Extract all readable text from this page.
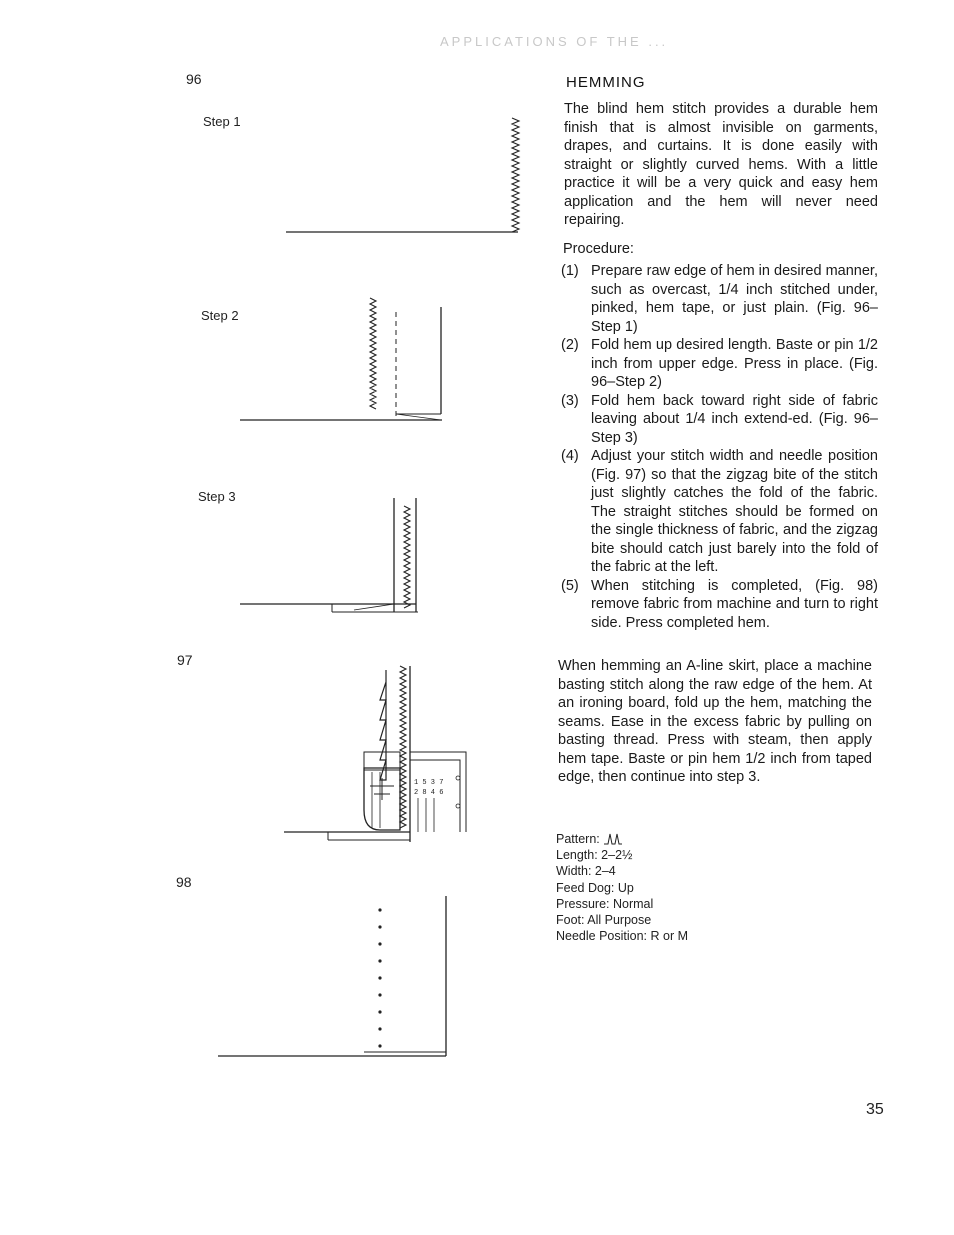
APPLICATIONS OF THE ...
96
Step 1
Step 2
Step 3
97
1 5 3 7
2 8 4 6
98
HEMMING

The blind hem stitch provides a durable hem finish that is almost invisible on garments, drapes, and curtains. It is done easily with straight or slightly curved hems. With a little practice it will be a very quick and easy hem application and the hem will never need repairing.

Procedure:
(1) Prepare raw edge of hem in desired manner, such as overcast, 1/4 inch stitched under, pinked, hem tape, or just plain. (Fig. 96–Step 1)
(2) Fold hem up desired length. Baste or pin 1/2 inch from upper edge. Press in place. (Fig. 96–Step 2)
(3) Fold hem back toward right side of fabric leaving about 1/4 inch extend-ed. (Fig. 96–Step 3)
(4) Adjust your stitch width and needle position (Fig. 97) so that the zigzag bite of the stitch just slightly catches the fold of the fabric. The straight stitches should be formed on the single thickness of fabric, and the zigzag bite should catch just barely into the fold of the fabric at the left.
(5) When stitching is completed, (Fig. 98) remove fabric from machine and turn to right side. Press completed hem.

When hemming an A-line skirt, place a machine basting stitch along the raw edge of the hem. At an ironing board, fold up the hem, matching the seams. Ease in the excess fabric by pulling on basting thread. Press with steam, then apply hem tape. Baste or pin hem 1/2 inch from taped edge, then continue into step 3.

Pattern:
Length: 2–2½
Width: 2–4
Feed Dog: Up
Pressure: Normal
Foot: All Purpose
Needle Position: R or M
35
